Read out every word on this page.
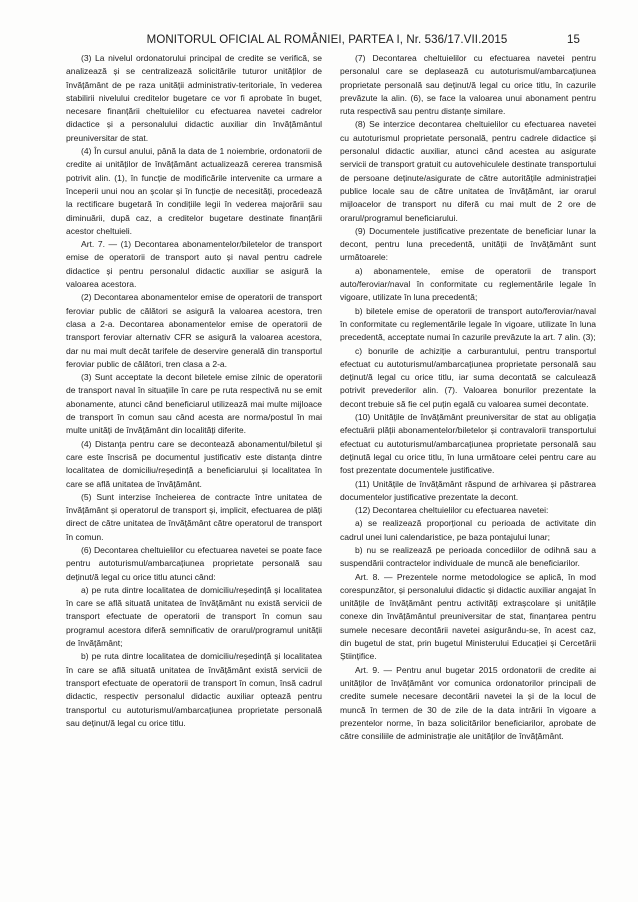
MONITORUL OFICIAL AL ROMÂNIEI, PARTEA I, Nr. 536/17.VII.2015	15

(3) La nivelul ordonatorului principal de credite se verifică, se analizează și se centralizează solicitările tuturor unităților de învățământ de pe raza unității administrativ-teritoriale, în vederea stabilirii nivelului creditelor bugetare ce vor fi aprobate în buget, necesare finanțării cheltuielilor cu efectuarea navetei cadrelor didactice și a personalului didactic auxiliar din învățământul preuniversitar de stat.

(4) În cursul anului, până la data de 1 noiembrie, ordonatorii de credite ai unităților de învățământ actualizează cererea transmisă potrivit alin. (1), în funcție de modificările intervenite ca urmare a începerii unui nou an școlar și în funcție de necesități, procedează la rectificare bugetară în condițiile legii în vederea majorării sau diminuării, după caz, a creditelor bugetare destinate finanțării acestor cheltuieli.

Art. 7. — (1) Decontarea abonamentelor/biletelor de transport emise de operatorii de transport auto și naval pentru cadrele didactice și pentru personalul didactic auxiliar se asigură la valoarea acestora.

(2) Decontarea abonamentelor emise de operatorii de transport feroviar public de călători se asigură la valoarea acestora, tren clasa a 2-a. Decontarea abonamentelor emise de operatorii de transport feroviar alternativ CFR se asigură la valoarea acestora, dar nu mai mult decât tarifele de deservire generală din transportul feroviar public de călători, tren clasa a 2-a.

(3) Sunt acceptate la decont biletele emise zilnic de operatorii de transport naval în situațiile în care pe ruta respectivă nu se emit abonamente, atunci când beneficiarul utilizează mai multe mijloace de transport în comun sau când acesta are norma/postul în mai multe unități de învățământ din localități diferite.

(4) Distanța pentru care se decontează abonamentul/biletul și care este înscrisă pe documentul justificativ este distanța dintre localitatea de domiciliu/reședință a beneficiarului și localitatea în care se află unitatea de învățământ.

(5) Sunt interzise încheierea de contracte între unitatea de învățământ și operatorul de transport și, implicit, efectuarea de plăți direct de către unitatea de învățământ către operatorul de transport în comun.

(6) Decontarea cheltuielilor cu efectuarea navetei se poate face pentru autoturismul/ambarcațiunea proprietate personală sau deținut/ă legal cu orice titlu atunci când:

a) pe ruta dintre localitatea de domiciliu/reședință și localitatea în care se află situată unitatea de învățământ nu există servicii de transport efectuate de operatorii de transport în comun sau programul acestora diferă semnificativ de orarul/programul unității de învățământ;

b) pe ruta dintre localitatea de domiciliu/reședință și localitatea în care se află situată unitatea de învățământ există servicii de transport efectuate de operatorii de transport în comun, însă cadrul didactic, respectiv personalul didactic auxiliar optează pentru transportul cu autoturismul/ambarcațiunea proprietate personală sau deținut/ă legal cu orice titlu.

(7) Decontarea cheltuielilor cu efectuarea navetei pentru personalul care se deplasează cu autoturismul/ambarcațiunea proprietate personală sau deținut/ă legal cu orice titlu, în cazurile prevăzute la alin. (6), se face la valoarea unui abonament pentru ruta respectivă sau pentru distanțe similare.

(8) Se interzice decontarea cheltuielilor cu efectuarea navetei cu autoturismul proprietate personală, pentru cadrele didactice și personalul didactic auxiliar, atunci când acestea au asigurate servicii de transport gratuit cu autovehiculele destinate transportului de persoane deținute/asigurate de către autoritățile administrației publice locale sau de către unitatea de învățământ, iar orarul mijloacelor de transport nu diferă cu mai mult de 2 ore de orarul/programul beneficiarului.

(9) Documentele justificative prezentate de beneficiar lunar la decont, pentru luna precedentă, unității de învățământ sunt următoarele:

a) abonamentele, emise de operatorii de transport auto/feroviar/naval în conformitate cu reglementările legale în vigoare, utilizate în luna precedentă;

b) biletele emise de operatorii de transport auto/feroviar/naval în conformitate cu reglementările legale în vigoare, utilizate în luna precedentă, acceptate numai în cazurile prevăzute la art. 7 alin. (3);

c) bonurile de achiziție a carburantului, pentru transportul efectuat cu autoturismul/ambarcațiunea proprietate personală sau deținut/ă legal cu orice titlu, iar suma decontată se calculează potrivit prevederilor alin. (7). Valoarea bonurilor prezentate la decont trebuie să fie cel puțin egală cu valoarea sumei decontate.

(10) Unitățile de învățământ preuniversitar de stat au obligația efectuării plății abonamentelor/biletelor și contravalorii transportului efectuat cu autoturismul/ambarcațiunea proprietate personală sau deținută legal cu orice titlu, în luna următoare celei pentru care au fost prezentate documentele justificative.

(11) Unitățile de învățământ răspund de arhivarea și păstrarea documentelor justificative prezentate la decont.

(12) Decontarea cheltuielilor cu efectuarea navetei:

a) se realizează proporțional cu perioada de activitate din cadrul unei luni calendaristice, pe baza pontajului lunar;

b) nu se realizează pe perioada concediilor de odihnă sau a suspendării contractelor individuale de muncă ale beneficiarilor.

Art. 8. — Prezentele norme metodologice se aplică, în mod corespunzător, și personalului didactic și didactic auxiliar angajat în unitățile de învățământ pentru activități extrașcolare și unitățile conexe din învățământul preuniversitar de stat, finanțarea pentru sumele necesare decontării navetei asigurându-se, în acest caz, din bugetul de stat, prin bugetul Ministerului Educației și Cercetării Științifice.

Art. 9. — Pentru anul bugetar 2015 ordonatorii de credite ai unităților de învățământ vor comunica ordonatorilor principali de credite sumele necesare decontării navetei la și de la locul de muncă în termen de 30 de zile de la data intrării în vigoare a prezentelor norme, în baza solicitărilor beneficiarilor, aprobate de către consiliile de administrație ale unităților de învățământ.
